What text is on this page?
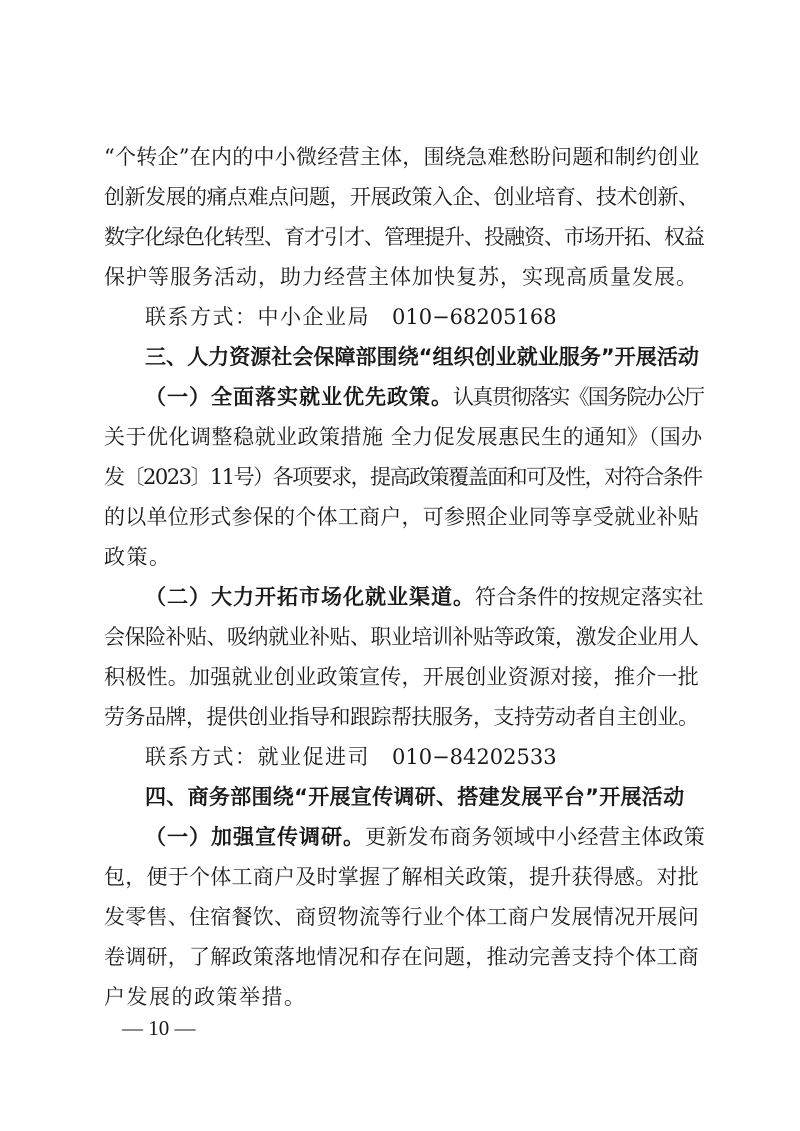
“个转企”在内的中小微经营主体，围绕急难愁盼问题和制约创业
创新发展的痛点难点问题，开展政策入企、创业培育、技术创新、
数字化绿色化转型、育才引才、管理提升、投融资、市场开拓、权益
保护等服务活动，助力经营主体加快复苏，实现高质量发展。
联系方式：中小企业局 010−68205168
三、人力资源社会保障部围绕“组织创业就业服务”开展活动
（一）全面落实就业优先政策。认真贯彻落实《国务院办公厅
关于优化调整稳就业政策措施 全力促发展惠民生的通知》（国办
发〔2023〕11号）各项要求，提高政策覆盖面和可及性，对符合条件
的以单位形式参保的个体工商户，可参照企业同等享受就业补贴
政策。
（二）大力开拓市场化就业渠道。符合条件的按规定落实社
会保险补贴、吸纳就业补贴、职业培训补贴等政策，激发企业用人
积极性。加强就业创业政策宣传，开展创业资源对接，推介一批
劳务品牌，提供创业指导和跟踪帮扶服务，支持劳动者自主创业。
联系方式：就业促进司 010−84202533
四、商务部围绕“开展宣传调研、搭建发展平台”开展活动
（一）加强宣传调研。更新发布商务领域中小经营主体政策
包，便于个体工商户及时掌握了解相关政策，提升获得感。对批
发零售、住宿餐饮、商贸物流等行业个体工商户发展情况开展问
卷调研，了解政策落地情况和存在问题，推动完善支持个体工商
户发展的政策举措。
— 10 —
